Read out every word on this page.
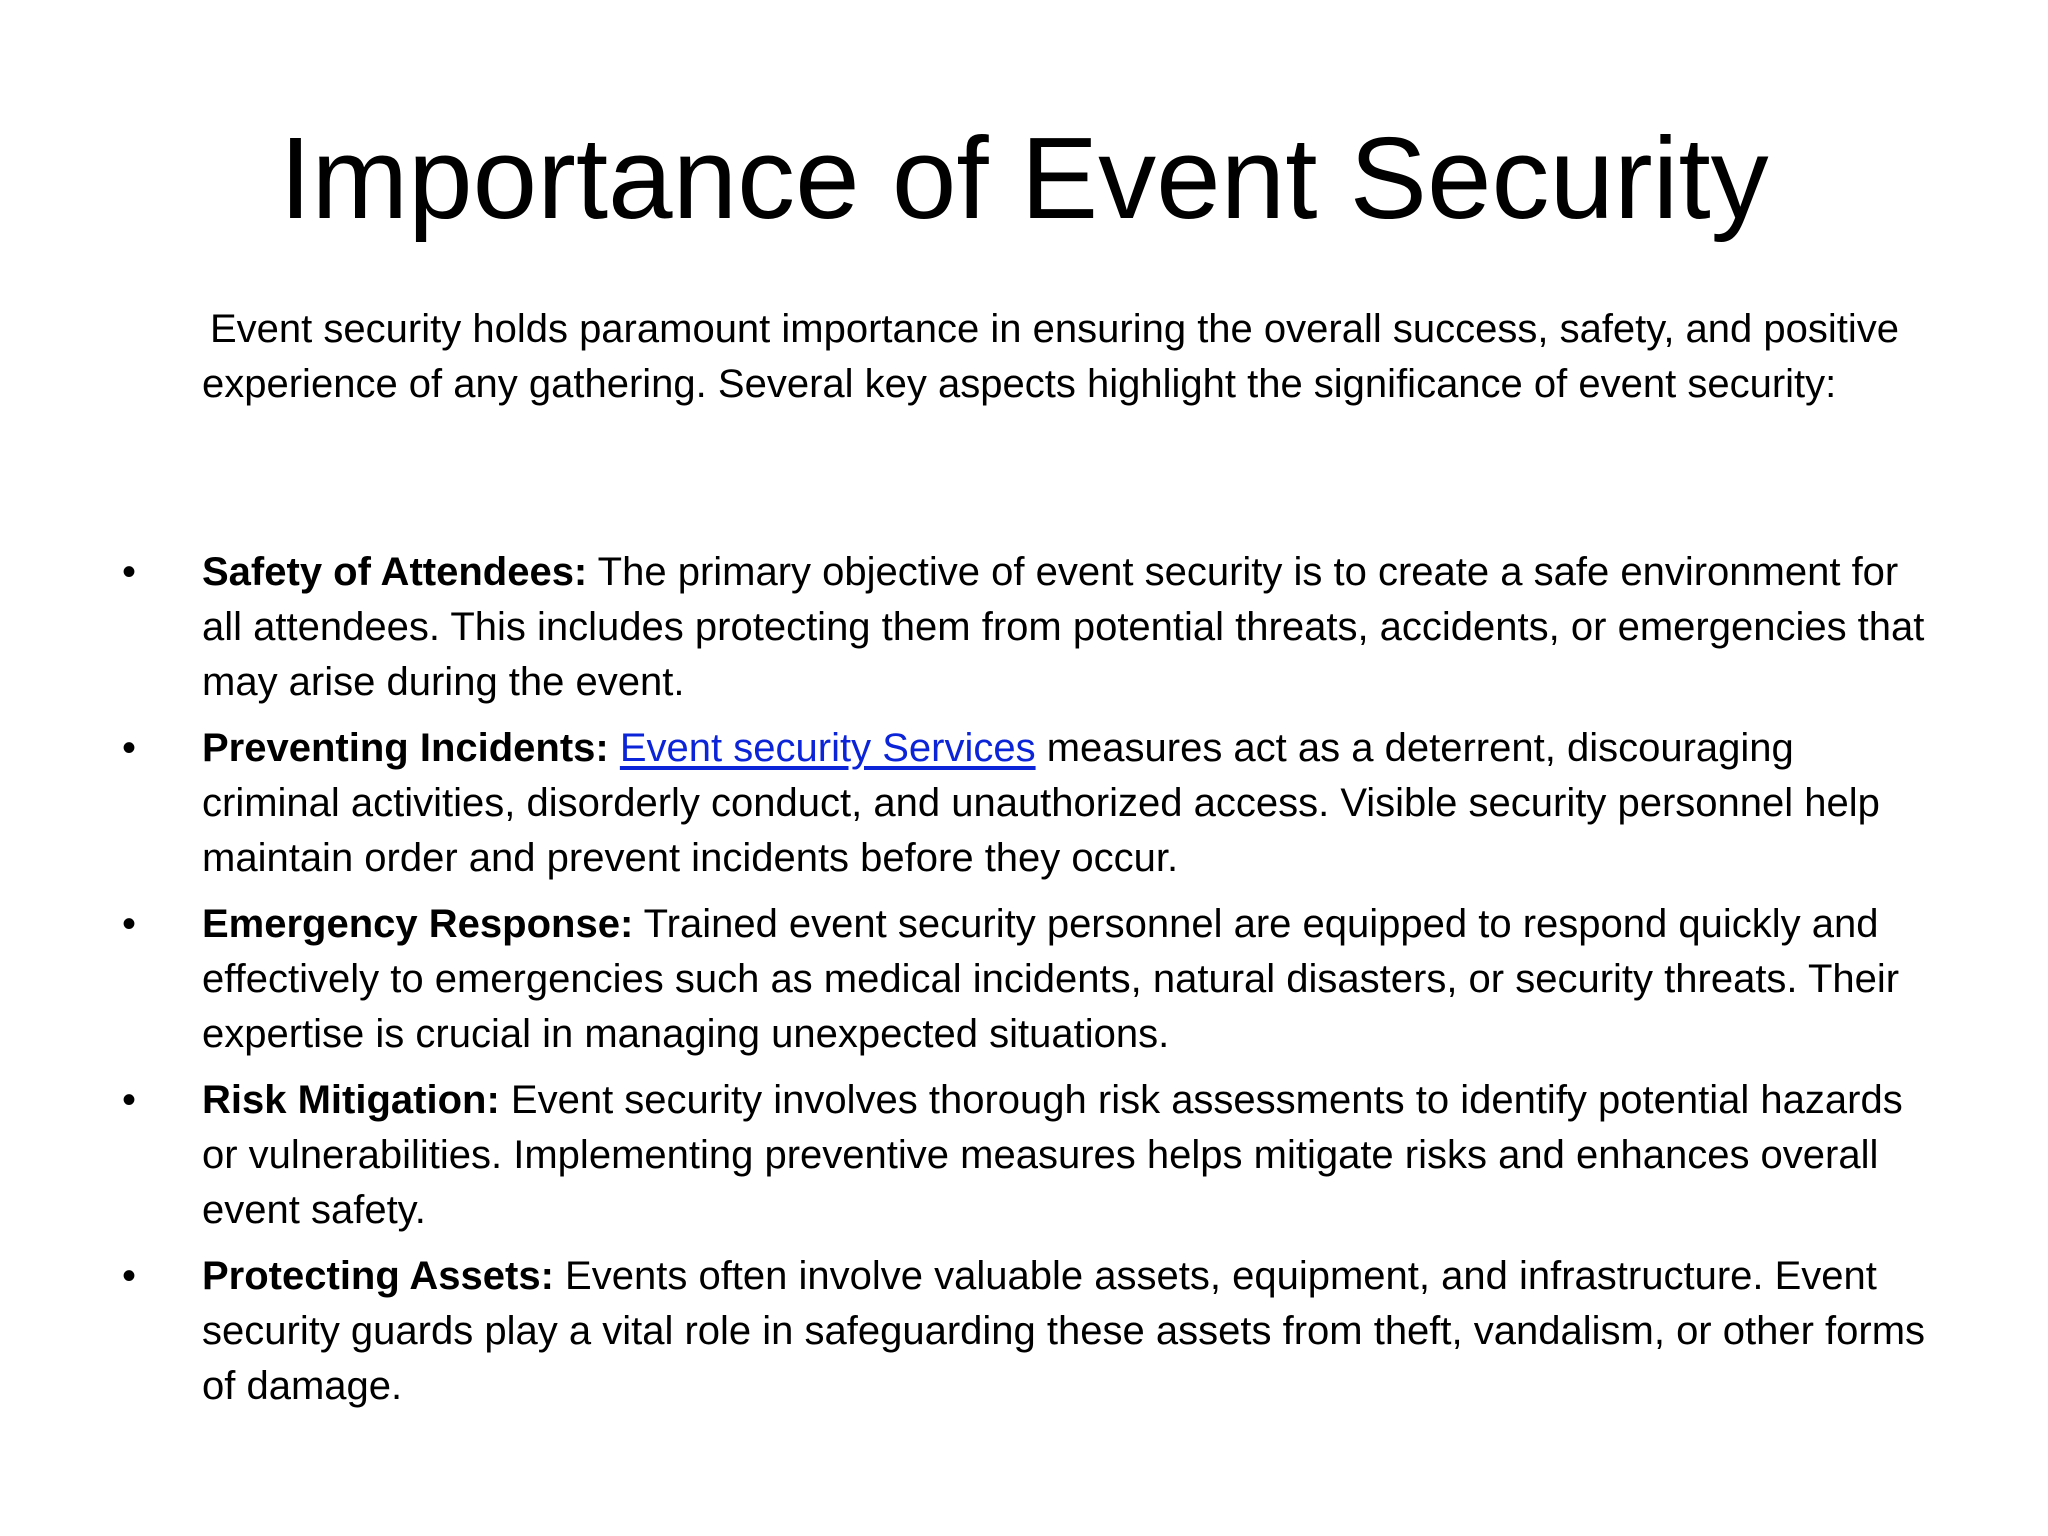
Importance of Event Security

Event security holds paramount importance in ensuring the overall success, safety, and positive experience of any gathering. Several key aspects highlight the significance of event security:

•	Safety of Attendees: The primary objective of event security is to create a safe environment for all attendees. This includes protecting them from potential threats, accidents, or emergencies that may arise during the event.
•	Preventing Incidents: Event security Services measures act as a deterrent, discouraging criminal activities, disorderly conduct, and unauthorized access. Visible security personnel help maintain order and prevent incidents before they occur.
•	Emergency Response: Trained event security personnel are equipped to respond quickly and effectively to emergencies such as medical incidents, natural disasters, or security threats. Their expertise is crucial in managing unexpected situations.
•	Risk Mitigation: Event security involves thorough risk assessments to identify potential hazards or vulnerabilities. Implementing preventive measures helps mitigate risks and enhances overall event safety.
•	Protecting Assets: Events often involve valuable assets, equipment, and infrastructure. Event security guards play a vital role in safeguarding these assets from theft, vandalism, or other forms of damage.
